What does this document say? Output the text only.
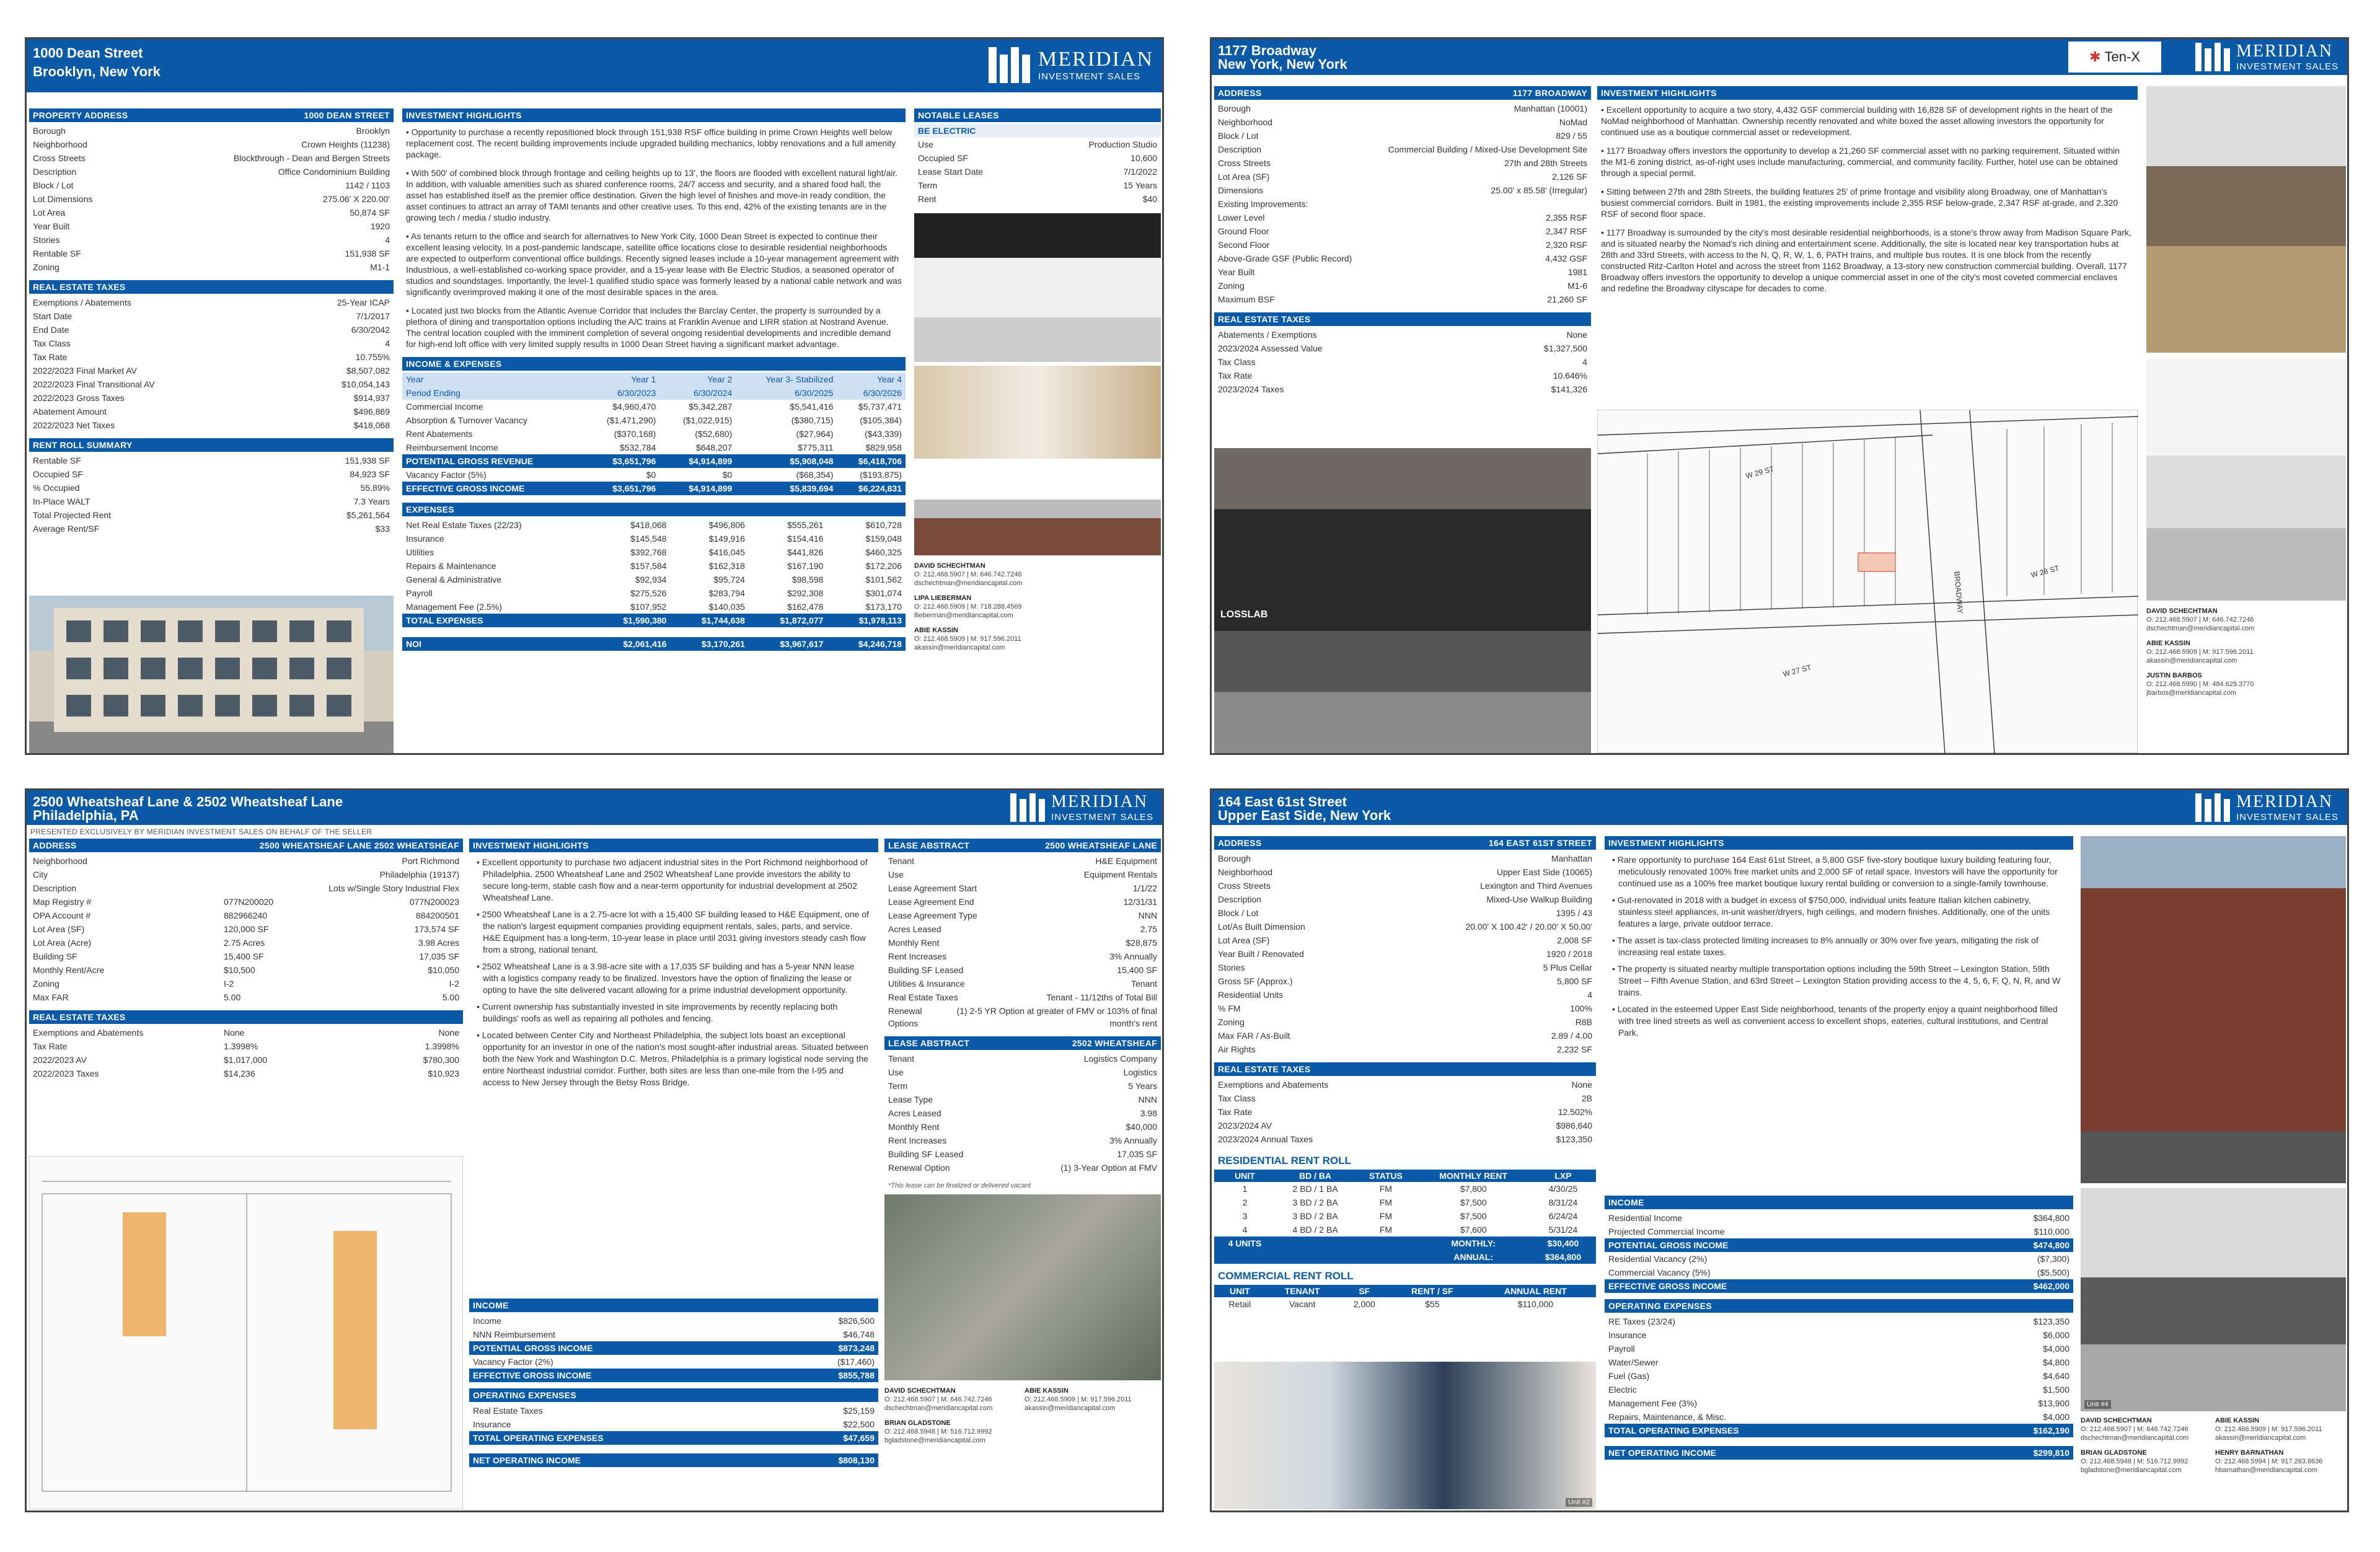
1000 Dean Street
Brooklyn, New York
MERIDIAN
INVESTMENT SALES
PROPERTY ADDRESS	1000 DEAN STREET
Borough	Brooklyn
Neighborhood	Crown Heights (11238)
Cross Streets	Blockthrough - Dean and Bergen Streets
Description	Office Condominium Building
Block / Lot	1142 / 1103
Lot Dimensions	275.06' X 220.00'
Lot Area	50,874 SF
Year Built	1920
Stories	4
Rentable SF	151,938 SF
Zoning	M1-1
REAL ESTATE TAXES
Exemptions / Abatements	25-Year ICAP
Start Date	7/1/2017
End Date	6/30/2042
Tax Class	4
Tax Rate	10.755%
2022/2023 Final Market AV	$8,507,082
2022/2023 Final Transitional AV	$10,054,143
2022/2023 Gross Taxes	$914,937
Abatement Amount	$496,869
2022/2023 Net Taxes	$418,068
RENT ROLL SUMMARY
Rentable SF	151,938 SF
Occupied SF	84,923 SF
% Occupied	55.89%
In-Place WALT	7.3 Years
Total Projected Rent	$5,261,564
Average Rent/SF	$33
INVESTMENT HIGHLIGHTS
• Opportunity to purchase a recently repositioned block through 151,938 RSF office building in prime Crown Heights well below replacement cost. The recent building improvements include upgraded building mechanics, lobby renovations and a full amenity package.
• With 500' of combined block through frontage and ceiling heights up to 13', the floors are flooded with excellent natural light/air. In addition, with valuable amenities such as shared conference rooms, 24/7 access and security, and a shared food hall, the asset has established itself as the premier office destination. Given the high level of finishes and move-in ready condition, the asset continues to attract an array of TAMI tenants and other creative uses. To this end, 42% of the existing tenants are in the growing tech / media / studio industry.
• As tenants return to the office and search for alternatives to New York City, 1000 Dean Street is expected to continue their excellent leasing velocity. In a post-pandemic landscape, satellite office locations close to desirable residential neighborhoods are expected to outperform conventional office buildings. Recently signed leases include a 10-year management agreement with Industrious, a well-established co-working space provider, and a 15-year lease with Be Electric Studios, a seasoned operator of studios and soundstages. Importantly, the level-1 qualified studio space was formerly leased by a national cable network and was significantly overimproved making it one of the most desirable spaces in the area.
• Located just two blocks from the Atlantic Avenue Corridor that includes the Barclay Center, the property is surrounded by a plethora of dining and transportation options including the A/C trains at Franklin Avenue and LIRR station at Nostrand Avenue. The central location coupled with the imminent completion of several ongoing residential developments and incredible demand for high-end loft office with very limited supply results in 1000 Dean Street having a significant market advantage.
INCOME & EXPENSES
Year	Year 1	Year 2	Year 3- Stabilized	Year 4
Period Ending	6/30/2023	6/30/2024	6/30/2025	6/30/2026
Commercial Income	$4,960,470	$5,342,287	$5,541,416	$5,737,471
Absorption & Turnover Vacancy	($1,471,290)	($1,022,915)	($380,715)	($105,384)
Rent Abatements	($370,168)	($52,680)	($27,964)	($43,339)
Reimbursement Income	$532,784	$648,207	$775,311	$829,958
POTENTIAL GROSS REVENUE	$3,651,796	$4,914,899	$5,908,048	$6,418,706
Vacancy Factor (5%)	$0	$0	($68,354)	($193,875)
EFFECTIVE GROSS INCOME	$3,651,796	$4,914,899	$5,839,694	$6,224,831
EXPENSES
Net Real Estate Taxes (22/23)	$418,068	$496,806	$555,261	$610,728
Insurance	$145,548	$149,916	$154,416	$159,048
Utilities	$392,768	$416,045	$441,826	$460,325
Repairs & Maintenance	$157,584	$162,318	$167,190	$172,206
General & Administrative	$92,934	$95,724	$98,598	$101,562
Payroll	$275,526	$283,794	$292,308	$301,074
Management Fee (2.5%)	$107,952	$140,035	$162,478	$173,170
TOTAL EXPENSES	$1,590,380	$1,744,638	$1,872,077	$1,978,113

NOI	$2,061,416	$3,170,261	$3,967,617	$4,246,718
NOTABLE LEASES
BE ELECTRIC
Use	Production Studio
Occupied SF	10,600
Lease Start Date	7/1/2022
Term	15 Years
Rent	$40
DAVID SCHECHTMAN
O: 212.468.5907 | M: 646.742.7246
dschechtman@meridiancapital.com
LIPA LIEBERMAN
O: 212.468.5909 | M: 718.288.4569
llieberman@meridiancapital.com
ABIE KASSIN
O: 212.468.5909 | M: 917.596.2011
akassin@meridiancapital.com
1177 Broadway
New York, New York	✱ Ten-X	MERIDIAN
INVESTMENT SALES
ADDRESS	1177 BROADWAY
Borough	Manhattan (10001)
Neighborhood	NoMad
Block / Lot	829 / 55
Description	Commercial Building / Mixed-Use Development Site
Cross Streets	27th and 28th Streets
Lot Area (SF)	2,126 SF
Dimensions	25.00' x 85.58' (Irregular)
Existing Improvements:
Lower Level	2,355 RSF
Ground Floor	2,347 RSF
Second Floor	2,320 RSF
Above-Grade GSF (Public Record)	4,432 GSF
Year Built	1981
Zoning	M1-6
Maximum BSF	21,260 SF
REAL ESTATE TAXES
Abatements / Exemptions	None
2023/2024 Assessed Value	$1,327,500
Tax Class	4
Tax Rate	10.646%
2023/2024 Taxes	$141,326
LOSSLAB
INVESTMENT HIGHLIGHTS
• Excellent opportunity to acquire a two story, 4,432 GSF commercial building with 16,828 SF of development rights in the heart of the NoMad neighborhood of Manhattan. Ownership recently renovated and white boxed the asset allowing investors the opportunity for continued use as a boutique commercial asset or redevelopment.
• 1177 Broadway offers investors the opportunity to develop a 21,260 SF commercial asset with no parking requirement. Situated within the M1-6 zoning district, as-of-right uses include manufacturing, commercial, and community facility. Further, hotel use can be obtained through a special permit.
• Sitting between 27th and 28th Streets, the building features 25' of prime frontage and visibility along Broadway, one of Manhattan's busiest commercial corridors. Built in 1981, the existing improvements include 2,355 RSF below-grade, 2,347 RSF at-grade, and 2,320 RSF of second floor space.
• 1177 Broadway is surrounded by the city's most desirable residential neighborhoods, is a stone's throw away from Madison Square Park, and is situated nearby the Nomad's rich dining and entertainment scene. Additionally, the site is located near key transportation hubs at 28th and 33rd Streets, with access to the N, Q, R, W, 1, 6, PATH trains, and multiple bus routes. It is one block from the recently constructed Ritz-Carlton Hotel and across the street from 1162 Broadway, a 13-story new construction commercial building. Overall, 1177 Broadway offers investors the opportunity to develop a unique commercial asset in one of the city's most coveted commercial enclaves and redefine the Broadway cityscape for decades to come.
W 29 ST
W 28 ST
W 27 ST
BROADWAY	DAVID SCHECHTMAN
O: 212.468.5907 | M: 646.742.7246
dschechtman@meridiancapital.com
ABIE KASSIN
O: 212.468.5909 | M: 917.596.2011
akassin@meridiancapital.com
JUSTIN BARBOS
O: 212.468.5990 | M: 484.629.3770
jbarbos@meridiancapital.com
2500 Wheatsheaf Lane & 2502 Wheatsheaf Lane
Philadelphia, PA
MERIDIAN
INVESTMENT SALES
PRESENTED EXCLUSIVELY BY MERIDIAN INVESTMENT SALES ON BEHALF OF THE SELLER
ADDRESS	2500 WHEATSHEAF LANE 2502 WHEATSHEAF
Neighborhood	Port Richmond
City	Philadelphia (19137)
Description	Lots w/Single Story Industrial Flex
Map Registry #	077N200020	077N200023
OPA Account #	882966240	884200501
Lot Area (SF)	120,000 SF	173,574 SF
Lot Area (Acre)	2.75 Acres	3.98 Acres
Building SF	15,400 SF	17,035 SF
Monthly Rent/Acre	$10,500	$10,050
Zoning	I-2	I-2
Max FAR	5.00	5.00
REAL ESTATE TAXES
Exemptions and Abatements	None	None
Tax Rate	1.3998%	1.3998%
2022/2023 AV	$1,017,000	$780,300
2022/2023 Taxes	$14,236	$10,923
INVESTMENT HIGHLIGHTS
• Excellent opportunity to purchase two adjacent industrial sites in the Port Richmond neighborhood of Philadelphia. 2500 Wheatsheaf Lane and 2502 Wheatsheaf Lane provide investors the ability to secure long-term, stable cash flow and a near-term opportunity for industrial development at 2502 Wheatsheaf Lane.
• 2500 Wheatsheaf Lane is a 2.75-acre lot with a 15,400 SF building leased to H&E Equipment, one of the nation's largest equipment companies providing equipment rentals, sales, parts, and service. H&E Equipment has a long-term, 10-year lease in place until 2031 giving investors steady cash flow from a strong, national tenant.
• 2502 Wheatsheaf Lane is a 3.98-acre site with a 17,035 SF building and has a 5-year NNN lease with a logistics company ready to be finalized. Investors have the option of finalizing the lease or opting to have the site delivered vacant allowing for a prime industrial development opportunity.
• Current ownership has substantially invested in site improvements by recently replacing both buildings' roofs as well as repairing all potholes and fencing.
• Located between Center City and Northeast Philadelphia, the subject lots boast an exceptional opportunity for an investor in one of the nation's most sought-after industrial areas. Situated between both the New York and Washington D.C. Metros, Philadelphia is a primary logistical node serving the entire Northeast industrial corridor. Further, both sites are less than one-mile from the I-95 and access to New Jersey through the Betsy Ross Bridge.
INCOME
Income	$826,500
NNN Reimbursement	$46,748
POTENTIAL GROSS INCOME	$873,248
Vacancy Factor (2%)	($17,460)
EFFECTIVE GROSS INCOME	$855,788
OPERATING EXPENSES
Real Estate Taxes	$25,159
Insurance	$22,500
TOTAL OPERATING EXPENSES	$47,659
NET OPERATING INCOME	$808,130
LEASE ABSTRACT	2500 WHEATSHEAF LANE
Tenant	H&E Equipment
Use	Equipment Rentals
Lease Agreement Start	1/1/22
Lease Agreement End	12/31/31
Lease Agreement Type	NNN
Acres Leased	2.75
Monthly Rent	$28,875
Rent Increases	3% Annually
Building SF Leased	15,400 SF
Utilities & Insurance	Tenant
Real Estate Taxes	Tenant - 11/12ths of Total Bill
Renewal Options
(1) 2-5 YR Option at greater of FMV or 103% of final month's rent
LEASE ABSTRACT	2502 WHEATSHEAF
Tenant	Logistics Company
Use	Logistics
Term	5 Years
Lease Type	NNN
Acres Leased	3.98
Monthly Rent	$40,000
Rent Increases	3% Annually
Building SF Leased	17,035 SF
Renewal Option	(1) 3-Year Option at FMV
*This lease can be finalized or delivered vacant
DAVID SCHECHTMAN
O: 212.468.5907 | M: 646.742.7246
dschechtman@meridiancapital.com
ABIE KASSIN
O: 212.468.5909 | M: 917.596.2011
akassin@meridiancapital.com
BRIAN GLADSTONE
O: 212.468.5948 | M: 516.712.9992
bgladstone@meridiancapital.com
164 East 61st Street
Upper East Side, New York
MERIDIAN
INVESTMENT SALES
ADDRESS	164 EAST 61ST STREET
Borough	Manhattan
Neighborhood	Upper East Side (10065)
Cross Streets	Lexington and Third Avenues
Description	Mixed-Use Walkup Building
Block / Lot	1395 / 43
Lot/As Built Dimension	20.00' X 100.42' / 20.00' X 50.00'
Lot Area (SF)	2,008 SF
Year Built / Renovated	1920 / 2018
Stories	5 Plus Cellar
Gross SF (Approx.)	5,800 SF
Residential Units	4
% FM	100%
Zoning	R8B
Max FAR / As-Built	2.89 / 4.00
Air Rights	2,232 SF
REAL ESTATE TAXES
Exemptions and Abatements	None
Tax Class	2B
Tax Rate	12.502%
2023/2024 AV	$986,640
2023/2024 Annual Taxes	$123,350
RESIDENTIAL RENT ROLL
UNIT	BD / BA	STATUS	MONTHLY RENT	LXP
1	2 BD / 1 BA	FM	$7,800	4/30/25
2	3 BD / 2 BA	FM	$7,500	8/31/24
3	3 BD / 2 BA	FM	$7,500	6/24/24
4	4 BD / 2 BA	FM	$7,600	5/31/24
4 UNITS			MONTHLY:	$30,400
			ANNUAL:	$364,800
COMMERCIAL RENT ROLL
UNIT	TENANT	SF	RENT / SF	ANNUAL RENT
Retail	Vacant	2,000	$55	$110,000
Unit #2
INVESTMENT HIGHLIGHTS
• Rare opportunity to purchase 164 East 61st Street, a 5,800 GSF five-story boutique luxury building featuring four, meticulously renovated 100% free market units and 2,000 SF of retail space. Investors will have the opportunity for continued use as a 100% free market boutique luxury rental building or conversion to a single-family townhouse.
• Gut-renovated in 2018 with a budget in excess of $750,000, individual units feature Italian kitchen cabinetry, stainless steel appliances, in-unit washer/dryers, high ceilings, and modern finishes. Additionally, one of the units features a large, private outdoor terrace.
• The asset is tax-class protected limiting increases to 8% annually or 30% over five years, mitigating the risk of increasing real estate taxes.
• The property is situated nearby multiple transportation options including the 59th Street – Lexington Station, 59th Street – Fifth Avenue Station, and 63rd Street – Lexington Station providing access to the 4, 5, 6, F, Q, N, R, and W trains.
• Located in the esteemed Upper East Side neighborhood, tenants of the property enjoy a quaint neighborhood filled with tree lined streets as well as convenient access to excellent shops, eateries, cultural institutions, and Central Park.
INCOME
Residential Income	$364,800
Projected Commercial Income	$110,000
POTENTIAL GROSS INCOME	$474,800
Residential Vacancy (2%)	($7,300)
Commercial Vacancy (5%)	($5,500)
EFFECTIVE GROSS INCOME	$462,000
OPERATING EXPENSES
RE Taxes (23/24)	$123,350
Insurance	$6,000
Payroll	$4,000
Water/Sewer	$4,800
Fuel (Gas)	$4,640
Electric	$1,500
Management Fee (3%)	$13,900
Repairs, Maintenance, & Misc.	$4,000
TOTAL OPERATING EXPENSES	$162,190
NET OPERATING INCOME	$299,810
Unit #4
DAVID SCHECHTMAN
O: 212.468.5907 | M: 646.742.7246
dschechtman@meridiancapital.com
ABIE KASSIN
O: 212.468.5909 | M: 917.596.2011
akassin@meridiancapital.com
BRIAN GLADSTONE
O: 212.468.5948 | M: 516.712.9992
bgladstone@meridiancapital.com
HENRY BARNATHAN
O: 212.468.5994 | M: 917.283.8636
hbarnathan@meridiancapital.com
